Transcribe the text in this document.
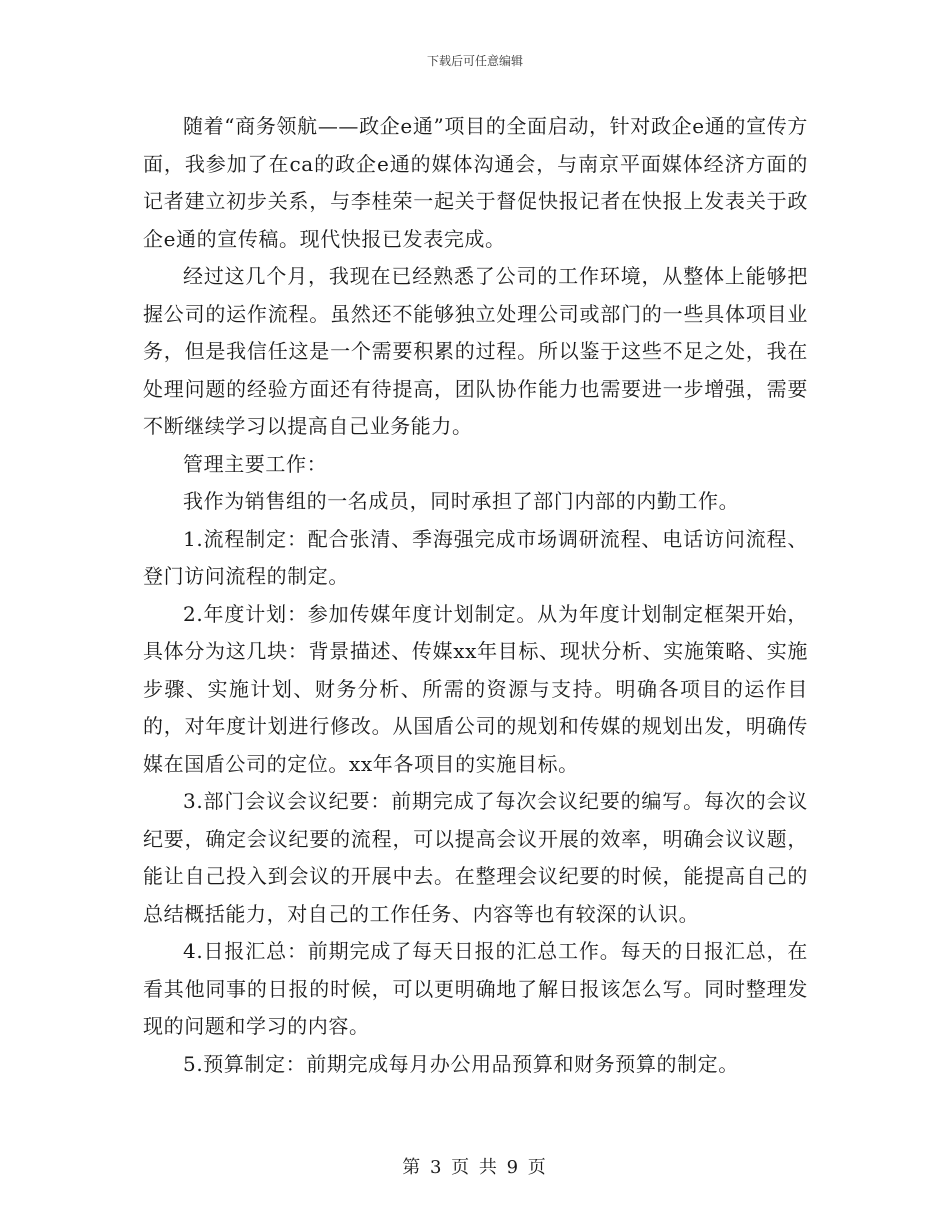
下载后可任意编辑

随着“商务领航——政企e通”项目的全面启动，针对政企e通的宣传方面，我参加了在ca的政企e通的媒体沟通会，与南京平面媒体经济方面的记者建立初步关系，与李桂荣一起关于督促快报记者在快报上发表关于政企e通的宣传稿。现代快报已发表完成。

经过这几个月，我现在已经熟悉了公司的工作环境，从整体上能够把握公司的运作流程。虽然还不能够独立处理公司或部门的一些具体项目业务，但是我信任这是一个需要积累的过程。所以鉴于这些不足之处，我在处理问题的经验方面还有待提高，团队协作能力也需要进一步增强，需要不断继续学习以提高自己业务能力。

管理主要工作：

我作为销售组的一名成员，同时承担了部门内部的内勤工作。

1.流程制定：配合张清、季海强完成市场调研流程、电话访问流程、登门访问流程的制定。

2.年度计划：参加传媒年度计划制定。从为年度计划制定框架开始，具体分为这几块：背景描述、传媒xx年目标、现状分析、实施策略、实施步骤、实施计划、财务分析、所需的资源与支持。明确各项目的运作目的，对年度计划进行修改。从国盾公司的规划和传媒的规划出发，明确传媒在国盾公司的定位。xx年各项目的实施目标。

3.部门会议会议纪要：前期完成了每次会议纪要的编写。每次的会议纪要，确定会议纪要的流程，可以提高会议开展的效率，明确会议议题，能让自己投入到会议的开展中去。在整理会议纪要的时候，能提高自己的总结概括能力，对自己的工作任务、内容等也有较深的认识。

4.日报汇总：前期完成了每天日报的汇总工作。每天的日报汇总，在看其他同事的日报的时候，可以更明确地了解日报该怎么写。同时整理发现的问题和学习的内容。

5.预算制定：前期完成每月办公用品预算和财务预算的制定。

第 3 页 共 9 页
